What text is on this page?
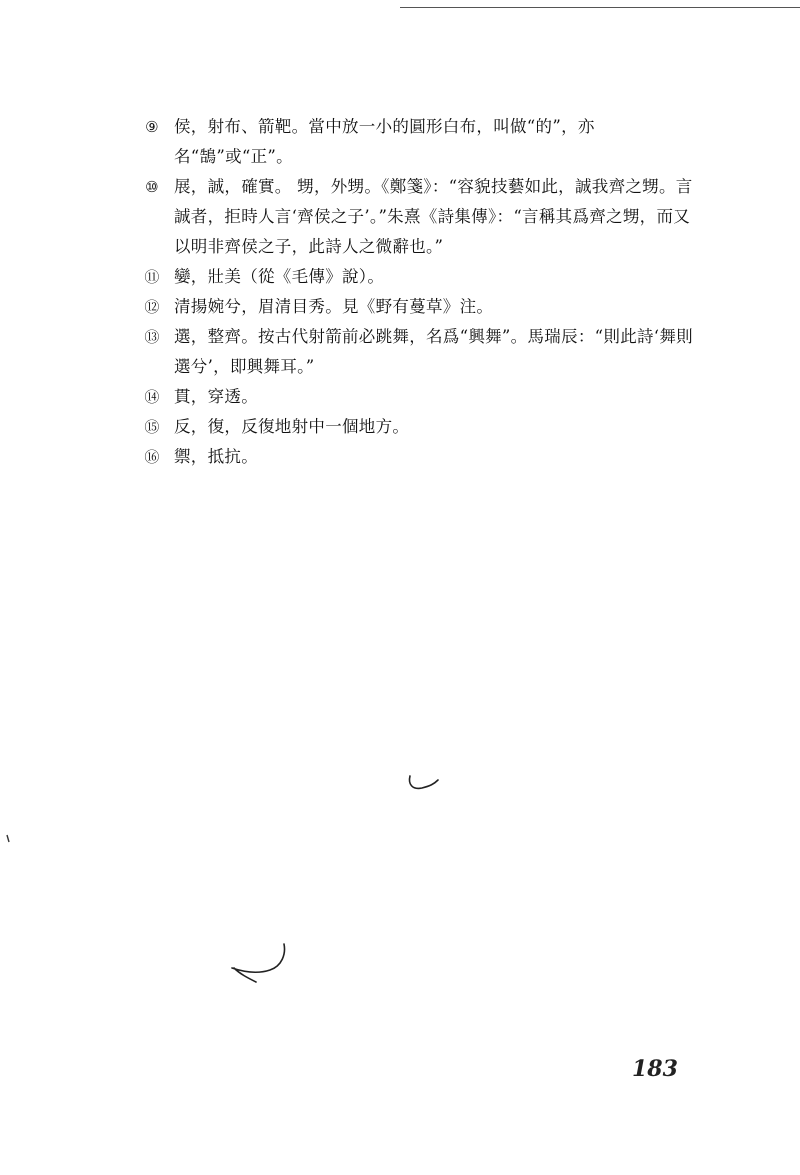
⑨ 侯，射布、箭靶。當中放一小的圓形白布，叫做“的”，亦名“鵠”或“正”。
⑩ 展，誠，確實。 甥，外甥。《鄭箋》：“容貌技藝如此，誠我齊之甥。言誠者，拒時人言‘齊侯之子’。”朱熹《詩集傳》：“言稱其爲齊之甥，而又以明非齊侯之子，此詩人之微辭也。”
⑪ 孌，壯美（從《毛傳》說）。
⑫ 清揚婉兮，眉清目秀。見《野有蔓草》注。
⑬ 選，整齊。按古代射箭前必跳舞，名爲“興舞”。馬瑞辰：“則此詩‘舞則選兮’，即興舞耳。”
⑭ 貫，穿透。
⑮ 反，復，反復地射中一個地方。
⑯ 禦，抵抗。
183
